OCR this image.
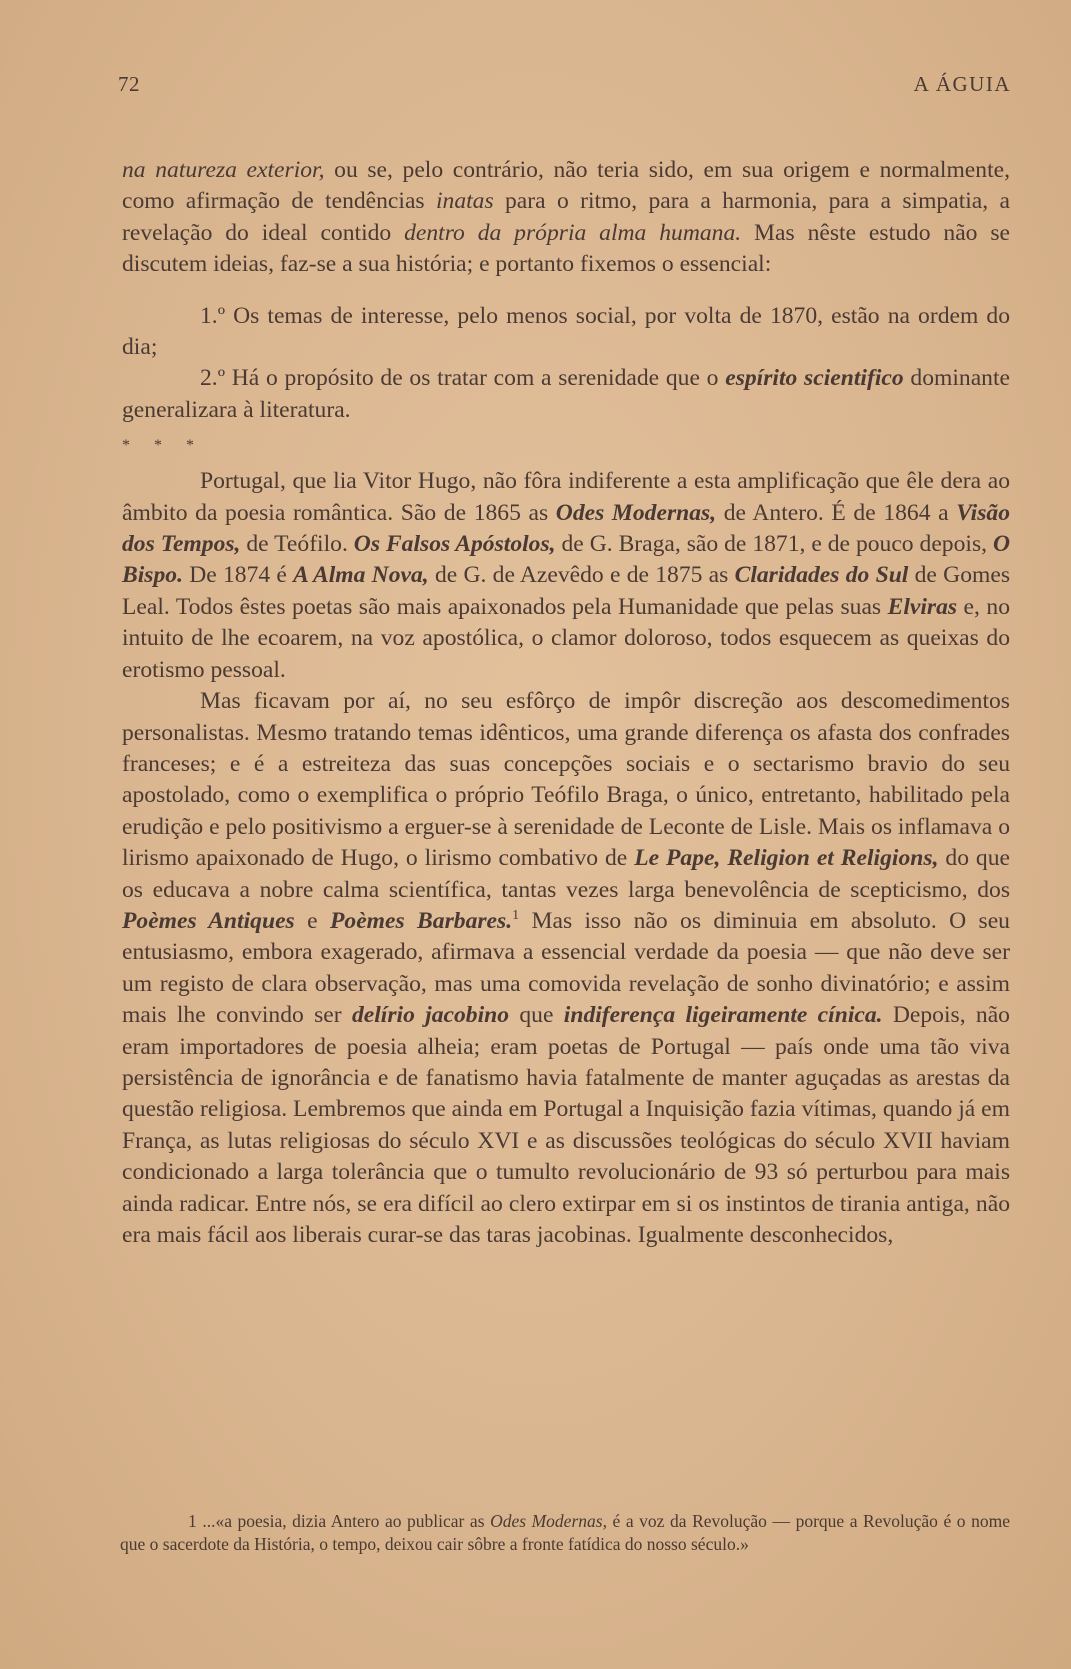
72	A ÁGUIA

na natureza exterior, ou se, pelo contrário, não teria sido, em sua origem e normalmente, como afirmação de tendências inatas para o ritmo, para a harmonia, para a simpatia, a revelação do ideal contido dentro da própria alma humana. Mas nêste estudo não se discutem ideias, faz-se a sua história; e portanto fixemos o essencial:

1.º Os temas de interesse, pelo menos social, por volta de 1870, estão na ordem do dia;

2.º Há o propósito de os tratar com a serenidade que o espírito scientifico dominante generalizara à literatura.

* * *

Portugal, que lia Vitor Hugo, não fôra indiferente a esta amplificação que êle dera ao âmbito da poesia romântica. São de 1865 as Odes Modernas, de Antero. É de 1864 a Visão dos Tempos, de Teófilo. Os Falsos Apóstolos, de G. Braga, são de 1871, e de pouco depois, O Bispo. De 1874 é A Alma Nova, de G. de Azevêdo e de 1875 as Claridades do Sul de Gomes Leal. Todos êstes poetas são mais apaixonados pela Humanidade que pelas suas Elviras e, no intuito de lhe ecoarem, na voz apostólica, o clamor doloroso, todos esquecem as queixas do erotismo pessoal.

Mas ficavam por aí, no seu esfôrço de impôr discreção aos descomedimentos personalistas. Mesmo tratando temas idênticos, uma grande diferença os afasta dos confrades franceses; e é a estreiteza das suas concepções sociais e o sectarismo bravio do seu apostolado, como o exemplifica o próprio Teófilo Braga, o único, entretanto, habilitado pela erudição e pelo positivismo a erguer-se à serenidade de Leconte de Lisle. Mais os inflamava o lirismo apaixonado de Hugo, o lirismo combativo de Le Pape, Religion et Religions, do que os educava a nobre calma scientífica, tantas vezes larga benevolência de scepticismo, dos Poèmes Antiques e Poèmes Barbares.$^1$ Mas isso não os diminuia em absoluto. O seu entusiasmo, embora exagerado, afirmava a essencial verdade da poesia — que não deve ser um registo de clara observação, mas uma comovida revelação de sonho divinatório; e assim mais lhe convindo ser delírio jacobino que indiferença ligeiramente cínica. Depois, não eram importadores de poesia alheia; eram poetas de Portugal — país onde uma tão viva persistência de ignorância e de fanatismo havia fatalmente de manter aguçadas as arestas da questão religiosa. Lembremos que ainda em Portugal a Inquisição fazia vítimas, quando já em França, as lutas religiosas do século XVI e as discussões teológicas do século XVII haviam condicionado a larga tolerância que o tumulto revolucionário de 93 só perturbou para mais ainda radicar. Entre nós, se era difícil ao clero extirpar em si os instintos de tirania antiga, não era mais fácil aos liberais curar-se das taras jacobinas. Igualmente desconhecidos,

1 ...«a poesia, dizia Antero ao publicar as Odes Modernas, é a voz da Revolução — porque a Revolução é o nome que o sacerdote da História, o tempo, deixou cair sôbre a fronte fatídica do nosso século.»
